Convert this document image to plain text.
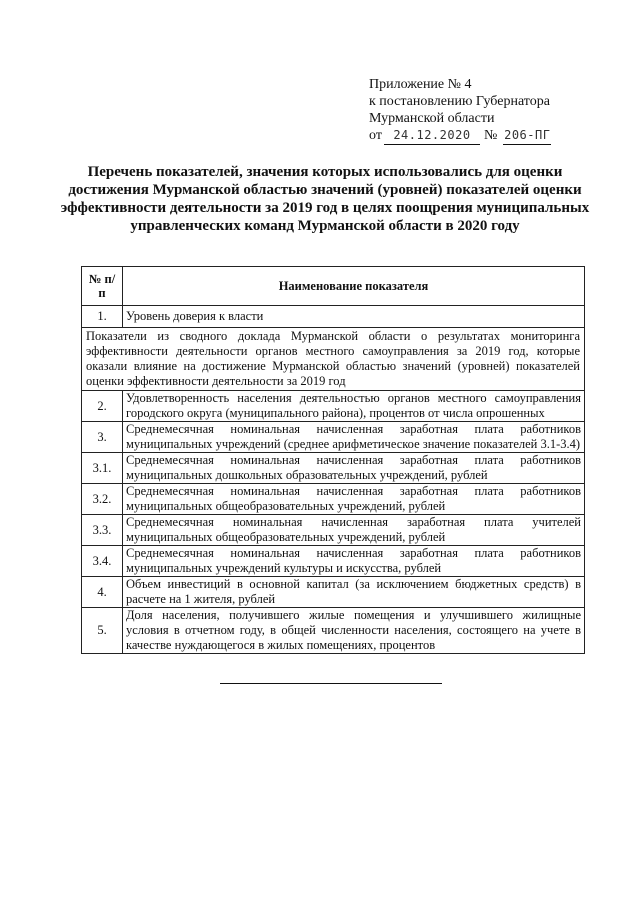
Приложение № 4
к постановлению Губернатора
Мурманской области
от 24.12.2020 № 206-ПГ
Перечень показателей, значения которых использовались для оценки достижения Мурманской областью значений (уровней) показателей оценки эффективности деятельности за 2019 год в целях поощрения муниципальных управленческих команд Мурманской области в 2020 году
№ п/п	Наименование показателя
1.	Уровень доверия к власти
Показатели из сводного доклада Мурманской области о результатах мониторинга эффективности деятельности органов местного самоуправления за 2019 год, которые оказали влияние на достижение Мурманской областью значений (уровней) показателей оценки эффективности деятельности за 2019 год	
2.	Удовлетворенность населения деятельностью органов местного самоуправления городского округа (муниципального района), процентов от числа опрошенных
3.	Среднемесячная номинальная начисленная заработная плата работников муниципальных учреждений (среднее арифметическое значение показателей 3.1-3.4)
3.1.	Среднемесячная номинальная начисленная заработная плата работников муниципальных дошкольных образовательных учреждений, рублей
3.2.	Среднемесячная номинальная начисленная заработная плата работников муниципальных общеобразовательных учреждений, рублей
3.3.	Среднемесячная номинальная начисленная заработная плата учителей муниципальных общеобразовательных учреждений, рублей
3.4.	Среднемесячная номинальная начисленная заработная плата работников муниципальных учреждений культуры и искусства, рублей
4.	Объем инвестиций в основной капитал (за исключением бюджетных средств) в расчете на 1 жителя, рублей
5.	Доля населения, получившего жилые помещения и улучшившего жилищные условия в отчетном году, в общей численности населения, состоящего на учете в качестве нуждающегося в жилых помещениях, процентов
